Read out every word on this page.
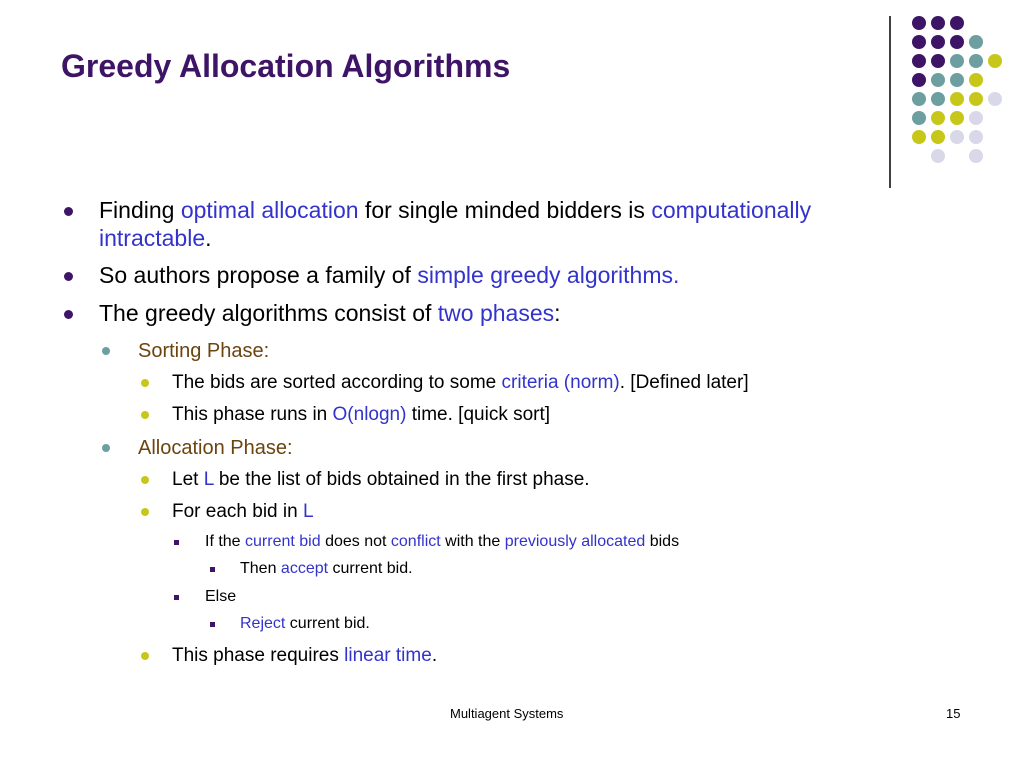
Greedy Allocation Algorithms
Finding optimal allocation for single minded bidders is computationally
intractable.
So authors propose a family of simple greedy algorithms.
The greedy algorithms consist of two phases:
Sorting Phase:
The bids are sorted according to some criteria (norm). [Defined later]
This phase runs in O(nlogn) time. [quick sort]
Allocation Phase:
Let L be the list of bids obtained in the first phase.
For each bid in L
If the current bid does not conflict with the previously allocated bids
Then accept current bid.
Else
Reject current bid.
This phase requires linear time.
Multiagent Systems	15
